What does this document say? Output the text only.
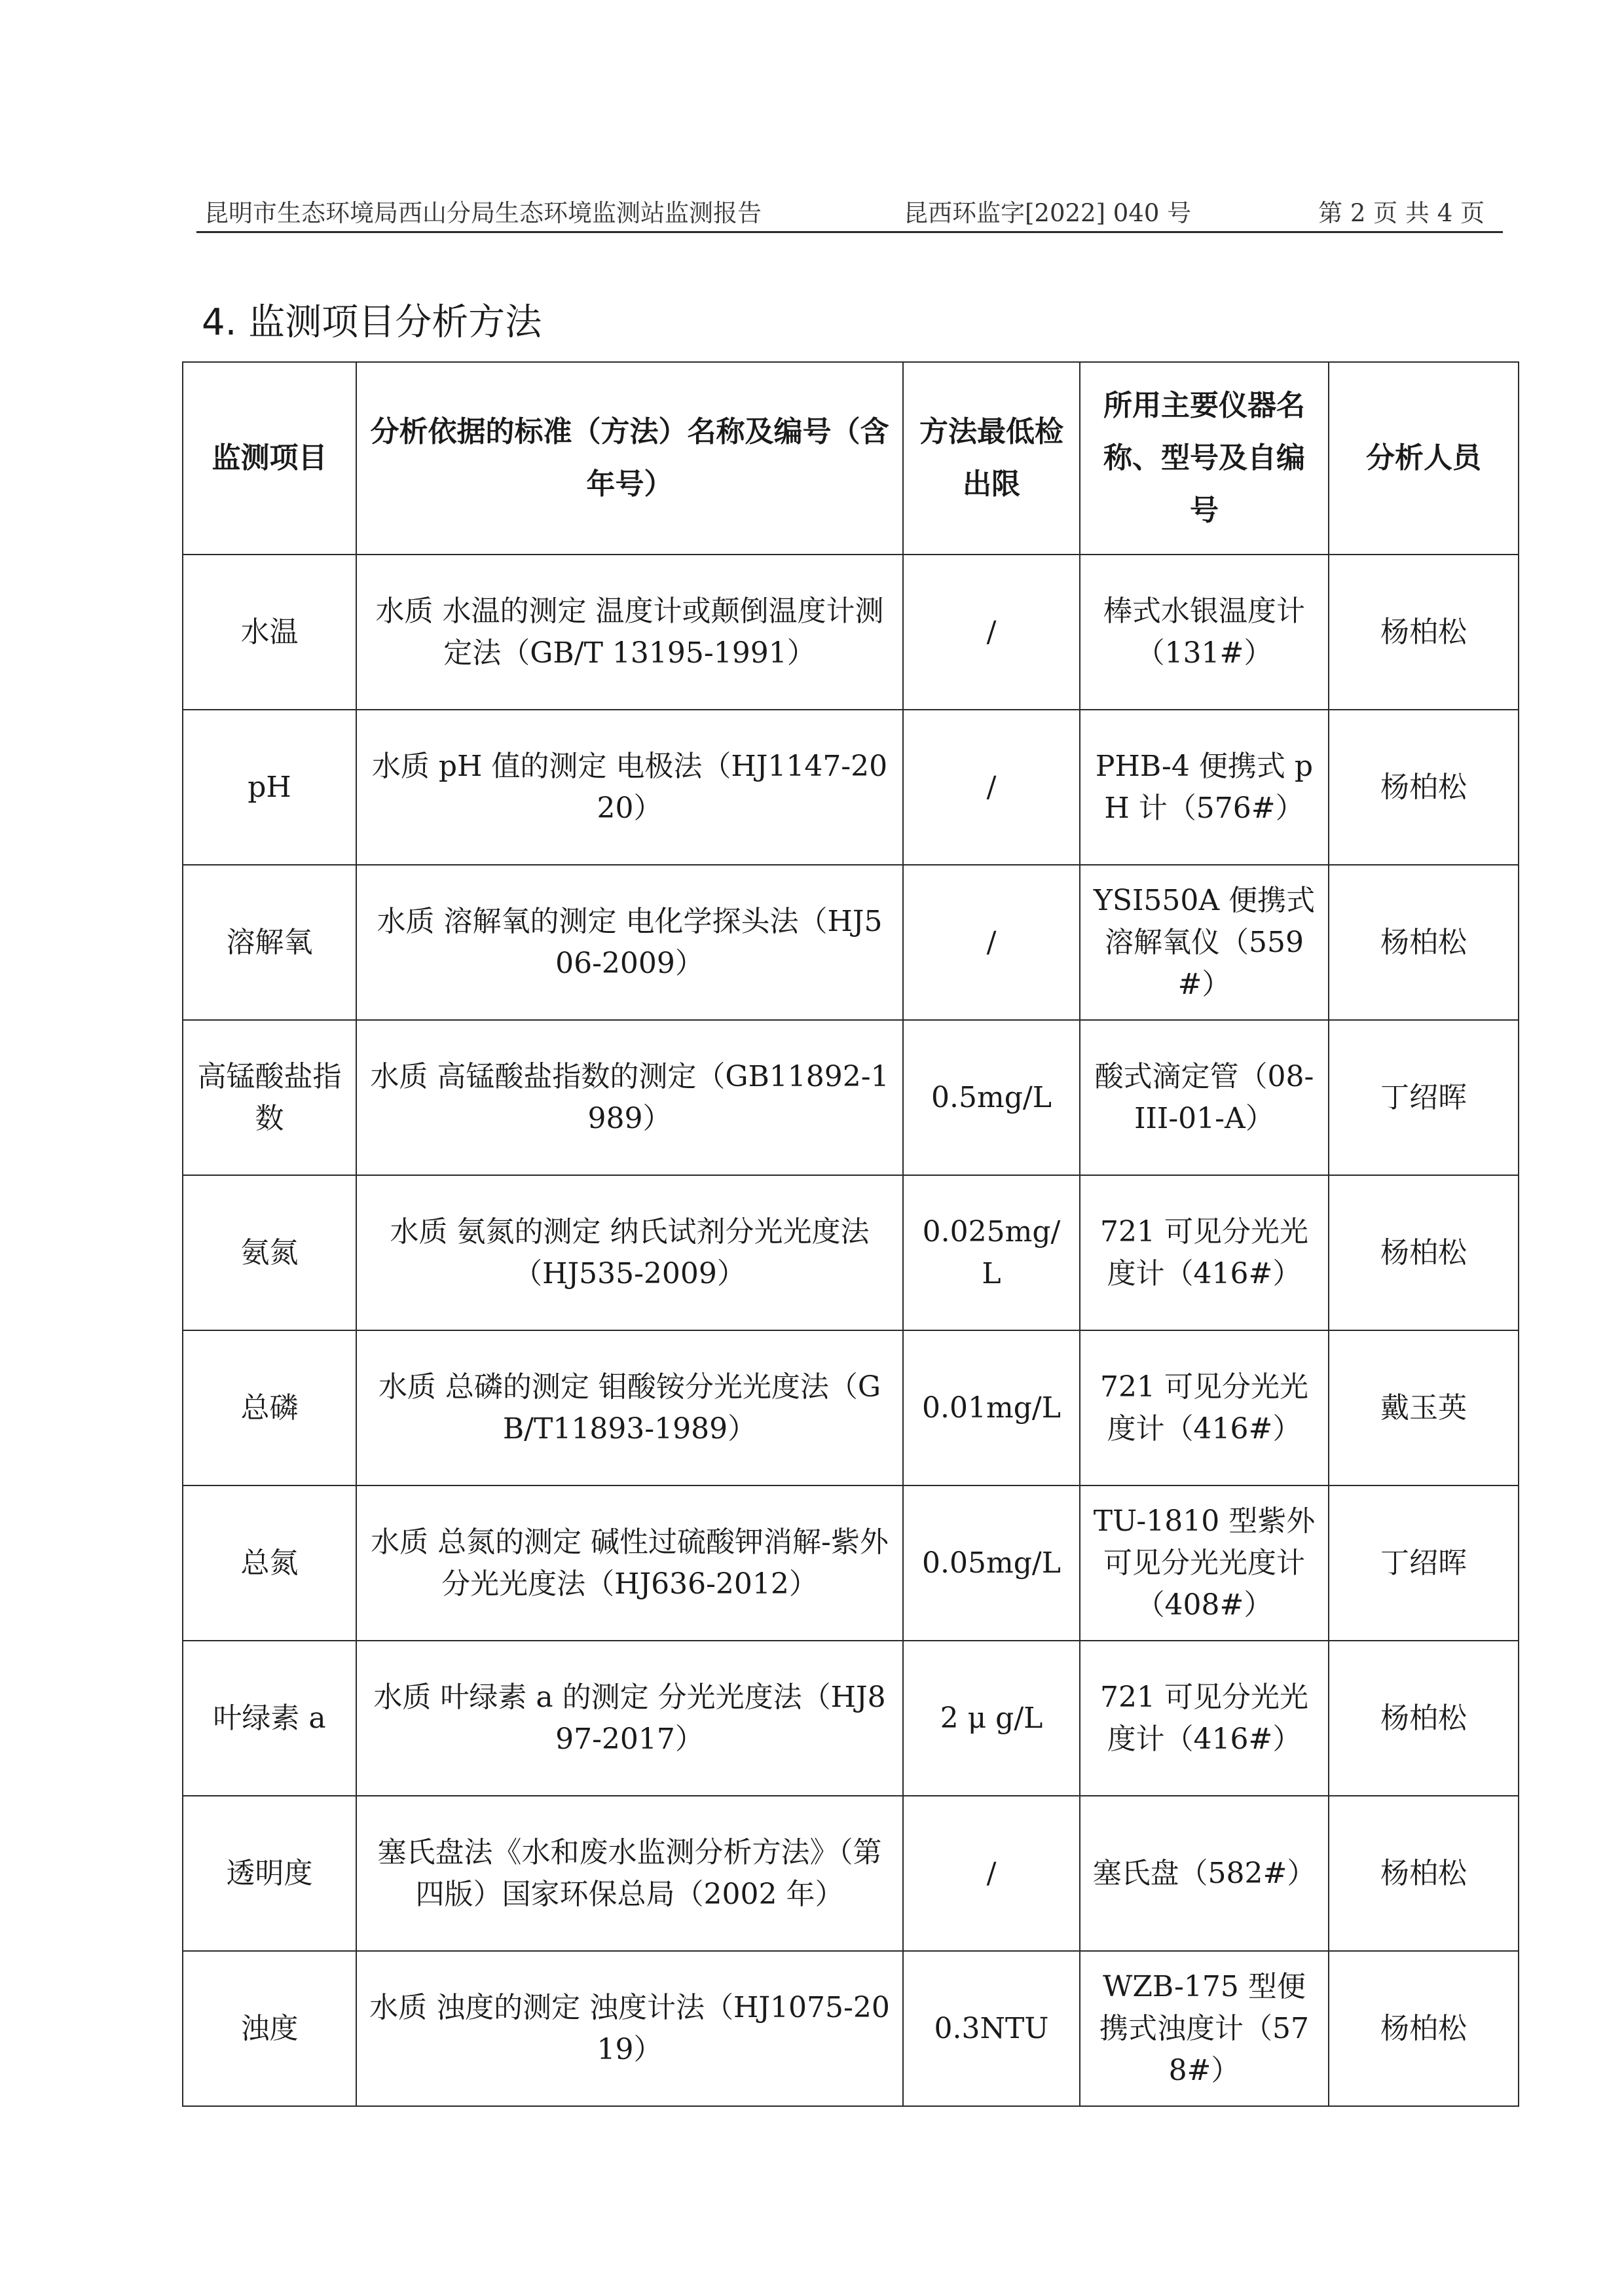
昆明市生态环境局西山分局生态环境监测站监测报告	昆西环监字[2022] 040 号	第 2 页 共 4 页
4. 监测项目分析方法
监测项目	分析依据的标准（方法）名称及编号（含年号）	方法最低检出限	所用主要仪器名称、型号及自编号	分析人员
水温	水质 水温的测定 温度计或颠倒温度计测定法（GB/T 13195-1991）	/	棒式水银温度计（131#）	杨柏松
pH	水质 pH 值的测定 电极法（HJ1147-2020）	/	PHB-4 便携式 pH 计（576#）	杨柏松
溶解氧	水质 溶解氧的测定 电化学探头法（HJ506-2009）	/	YSI550A 便携式溶解氧仪（559#）	杨柏松
高锰酸盐指数	水质 高锰酸盐指数的测定（GB11892-1989）	0.5mg/L	酸式滴定管（08-III-01-A）	丁绍晖
氨氮	水质 氨氮的测定 纳氏试剂分光光度法（HJ535-2009）	0.025mg/L	721 可见分光光度计（416#）	杨柏松
总磷	水质 总磷的测定 钼酸铵分光光度法（GB/T11893-1989）	0.01mg/L	721 可见分光光度计（416#）	戴玉英
总氮	水质 总氮的测定 碱性过硫酸钾消解-紫外分光光度法（HJ636-2012）	0.05mg/L	TU-1810 型紫外可见分光光度计（408#）	丁绍晖
叶绿素 a	水质 叶绿素 a 的测定 分光光度法（HJ897-2017）	2 μ g/L	721 可见分光光度计（416#）	杨柏松
透明度	塞氏盘法《水和废水监测分析方法》（第四版）国家环保总局（2002 年）	/	塞氏盘（582#）	杨柏松
浊度	水质 浊度的测定 浊度计法（HJ1075-2019）	0.3NTU	WZB-175 型便携式浊度计（578#）	杨柏松
